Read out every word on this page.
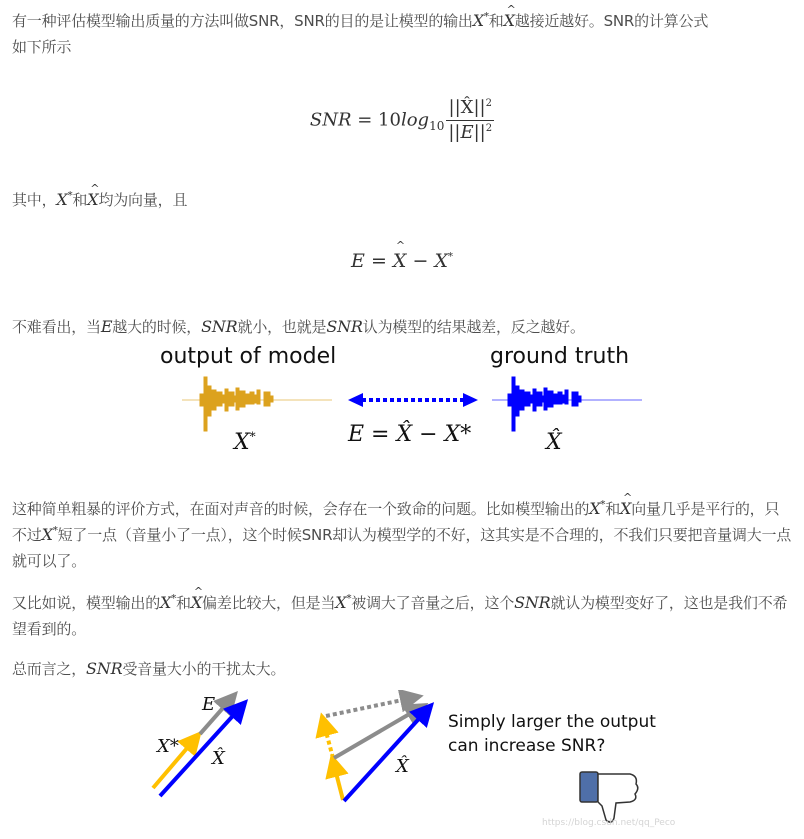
有一种评估模型输出质量的方法叫做SNR，SNR的目的是让模型的输出X*和^ X越接近越好。SNR的计算公式
如下所示

SNR = $10\log_{10} \frac{||X̂||^2}{||E||^2}$

其中，X*和^ X均为向量，且

E = ^ X − X*

不难看出，当E越大的时候，SNR就小，也就是SNR认为模型的结果越差，反之越好。

output of model	ground truth
X*	E = X̂ − X*	X̂

这种简单粗暴的评价方式，在面对声音的时候，会存在一个致命的问题。比如模型输出的X*和^ X向量几乎是平行的，只不过X*短了一点（音量小了一点），这个时候SNR却认为模型学的不好，这其实是不合理的，不我们只要把音量调大一点就可以了。

又比如说，模型输出的X*和^ X偏差比较大，但是当X*被调大了音量之后，这个SNR就认为模型变好了，这也是我们不希望看到的。

总而言之，SNR受音量大小的干扰太大。

E
X*
X̂	X̂
Simply larger the output
can increase SNR?
https://blog.csdn.net/qq_Peco
